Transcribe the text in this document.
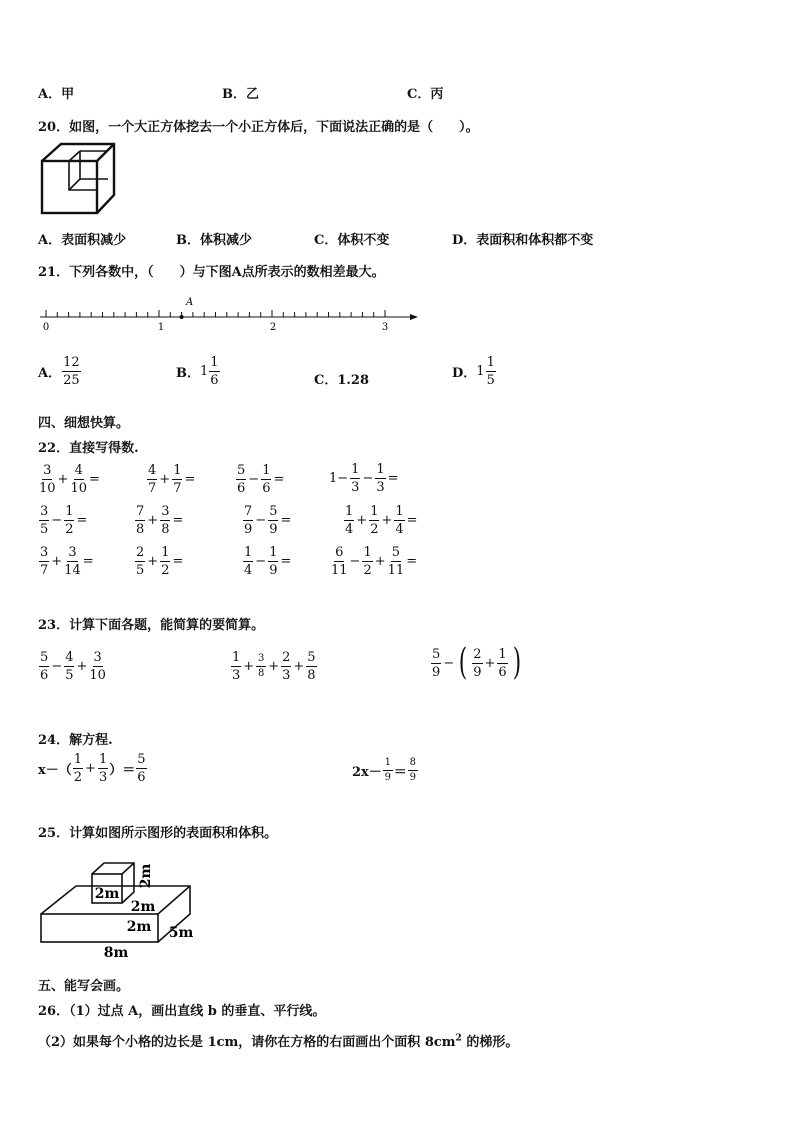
A．甲	B．乙	C．丙
20．如图，一个大正方体挖去一个小正方体后，下面说法正确的是（　　）。
A．表面积减少	B．体积减少	C．体积不变	D．表面积和体积都不变
21．下列各数中，（　　）与下图A点所表示的数相差最大。
A
0	1	2	3
A． $\frac{12}{25}$	B． $1 \frac{1}{6}$	C．1.28	D． $1 \frac{1}{5}$
四、细想快算。
22．直接写得数.
$\frac{3}{10} + \frac{4}{10}$ =	$\frac{4}{7} + \frac{1}{7}$ =	$\frac{5}{6} - \frac{1}{6}$ =	$1- \frac{1}{3} - \frac{1}{3}$ =
$\frac{3}{5} - \frac{1}{2}$ =	$\frac{7}{8} + \frac{3}{8}$ =	$\frac{7}{9} - \frac{5}{9}$ =	$\frac{1}{4} + \frac{1}{2} + \frac{1}{4}$ =
$\frac{3}{7} + \frac{3}{14}$ =	$\frac{2}{5} + \frac{1}{2}$ =	$\frac{1}{4} - \frac{1}{9}$ =	$\frac{6}{11} - \frac{1}{2} + \frac{5}{11}$ =
23．计算下面各题，能简算的要简算。
$\frac{5}{6} - \frac{4}{5} + \frac{3}{10}$	$\frac{1}{3} + \frac{3}{8} + \frac{2}{3} + \frac{5}{8}$	$\frac{5}{9}$ − ( $\frac{2}{9} + \frac{1}{6}$ )
24．解方程.
$x-( \frac{1}{2} + \frac{1}{3}$ ）＝ $\frac{5}{6}$	$2x- \frac{1}{9} = \frac{8}{9}$
25．计算如图所示图形的表面积和体积。
2m
2m
2m
2m 5m
8m
五、能写会画。
26．（1）过点 A，画出直线 b 的垂直、平行线。
（2）如果每个小格的边长是 1cm，请你在方格的右面画出个面积 $8cm^2$ 的梯形。
